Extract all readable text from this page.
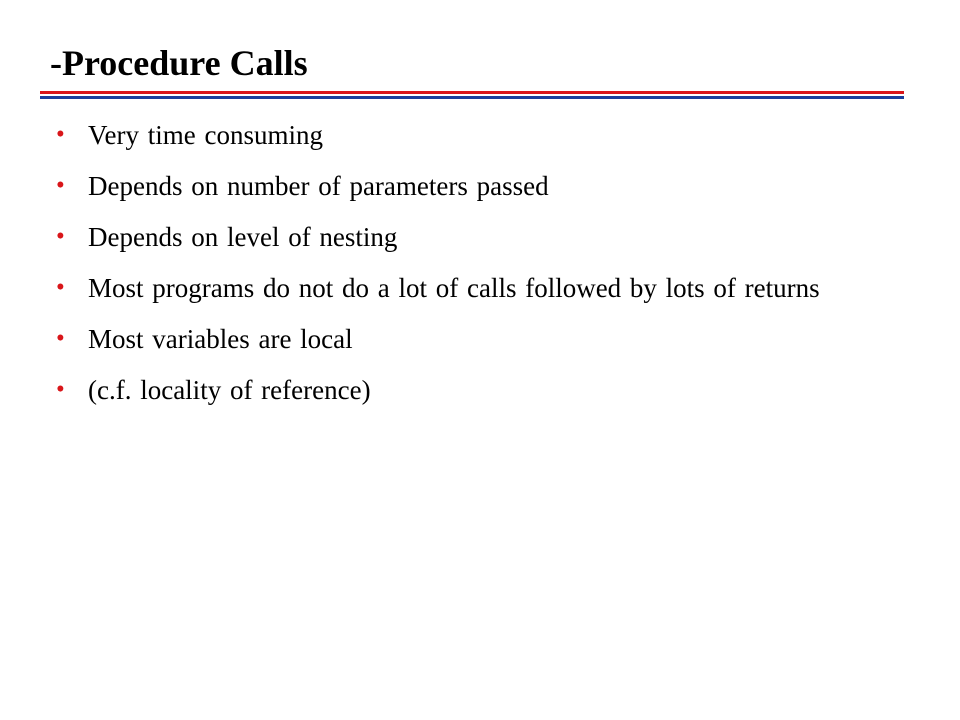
-Procedure Calls
• Very time consuming
• Depends on number of parameters passed
• Depends on level of nesting
• Most programs do not do a lot of calls followed by lots of returns
• Most variables are local
• (c.f. locality of reference)
